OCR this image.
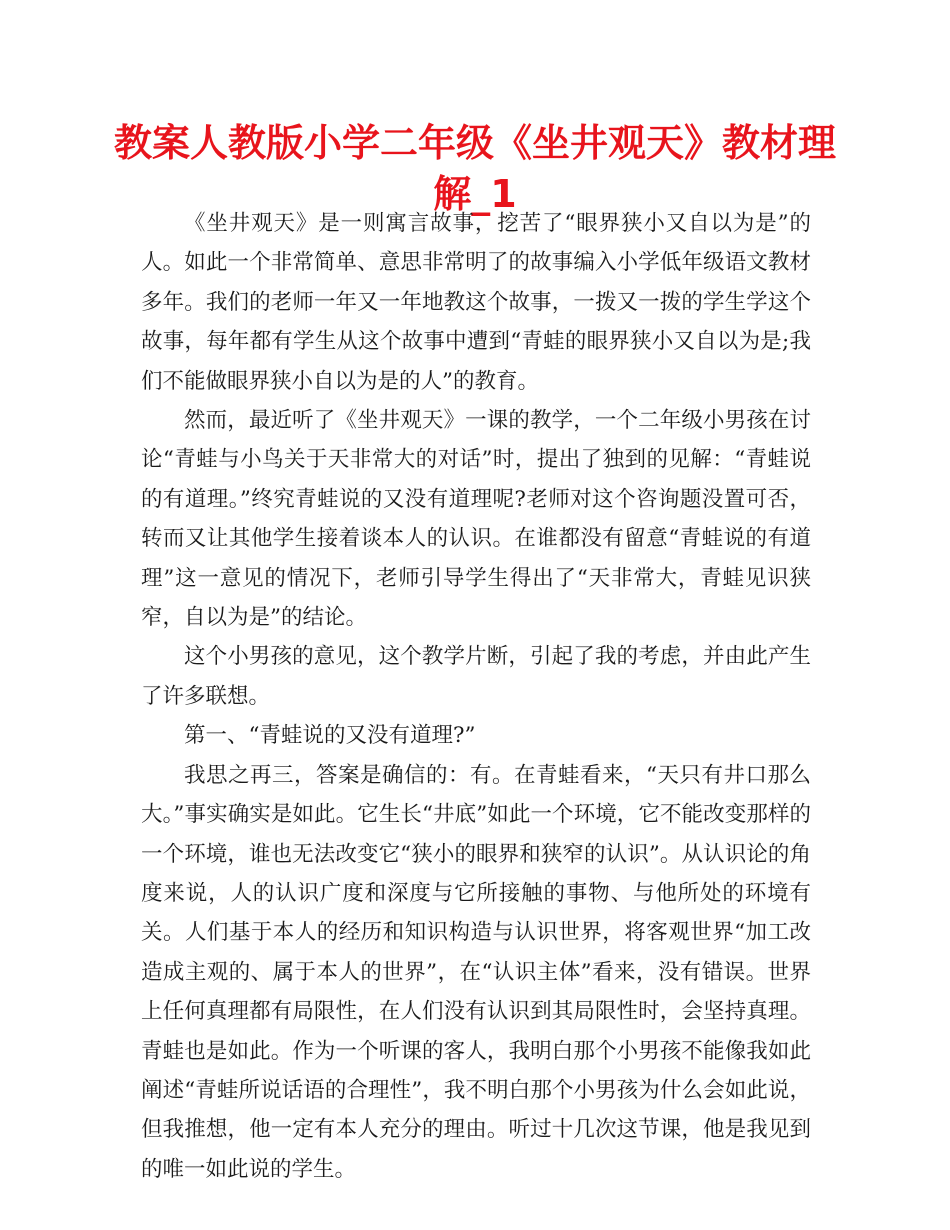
教案人教版小学二年级《坐井观天》教材理解_1

《坐井观天》是一则寓言故事，挖苦了“眼界狭小又自以为是”的人。如此一个非常简单、意思非常明了的故事编入小学低年级语文教材多年。我们的老师一年又一年地教这个故事，一拨又一拨的学生学这个故事，每年都有学生从这个故事中遭到“青蛙的眼界狭小又自以为是;我们不能做眼界狭小自以为是的人”的教育。

然而，最近听了《坐井观天》一课的教学，一个二年级小男孩在讨论“青蛙与小鸟关于天非常大的对话”时，提出了独到的见解：“青蛙说的有道理。”终究青蛙说的又没有道理呢?老师对这个咨询题没置可否，转而又让其他学生接着谈本人的认识。在谁都没有留意“青蛙说的有道理”这一意见的情况下，老师引导学生得出了“天非常大，青蛙见识狭窄，自以为是”的结论。

这个小男孩的意见，这个教学片断，引起了我的考虑，并由此产生了许多联想。

第一、“青蛙说的又没有道理?”

我思之再三，答案是确信的：有。在青蛙看来，“天只有井口那么大。”事实确实是如此。它生长“井底”如此一个环境，它不能改变那样的一个环境，谁也无法改变它“狭小的眼界和狭窄的认识”。从认识论的角度来说，人的认识广度和深度与它所接触的事物、与他所处的环境有关。人们基于本人的经历和知识构造与认识世界，将客观世界“加工改造成主观的、属于本人的世界”，在“认识主体”看来，没有错误。世界上任何真理都有局限性，在人们没有认识到其局限性时，会坚持真理。青蛙也是如此。作为一个听课的客人，我明白那个小男孩不能像我如此阐述“青蛙所说话语的合理性”，我不明白那个小男孩为什么会如此说，但我推想，他一定有本人充分的理由。听过十几次这节课，他是我见到的唯一如此说的学生。
